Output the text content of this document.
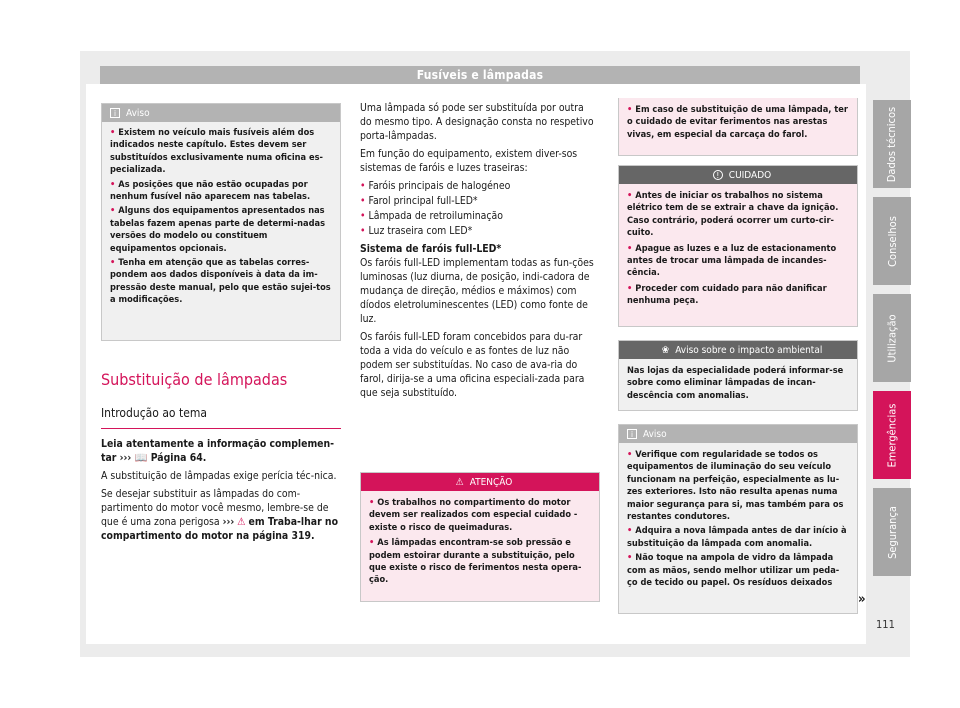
Fusíveis e lâmpadas
Dados técnicos
Conselhos
Utilização
Emergências
Segurança
i	Aviso

• Existem no veículo mais fusíveis além dos indicados neste capítulo. Estes devem ser substituídos exclusivamente numa oficina es-pecializada.

• As posições que não estão ocupadas por nenhum fusível não aparecem nas tabelas.

• Alguns dos equipamentos apresentados nas tabelas fazem apenas parte de determi-nadas versões do modelo ou constituem equipamentos opcionais.

• Tenha em atenção que as tabelas corres-pondem aos dados disponíveis à data da im-pressão deste manual, pelo que estão sujei-tos a modificações.

Substituição de lâmpadas
Introdução ao tema

Leia atentamente a informação complemen-tar ››› 📖 Página 64.

A substituição de lâmpadas exige perícia téc-nica.

Se desejar substituir as lâmpadas do com-partimento do motor você mesmo, lembre-se de que é uma zona perigosa ››› ⚠ em Traba-lhar no compartimento do motor na página 319.

Uma lâmpada só pode ser substituída por outra do mesmo tipo. A designação consta no respetivo porta-lâmpadas.

Em função do equipamento, existem diver-sos sistemas de faróis e luzes traseiras:

• Faróis principais de halogéneo

• Farol principal full-LED*

• Lâmpada de retroiluminação

• Luz traseira com LED*

Sistema de faróis full-LED*

Os faróis full-LED implementam todas as fun-ções luminosas (luz diurna, de posição, indi-cadora de mudança de direção, médios e máximos) com díodos eletroluminescentes (LED) como fonte de luz.

Os faróis full-LED foram concebidos para du-rar toda a vida do veículo e as fontes de luz não podem ser substituídas. No caso de ava-ria do farol, dirija-se a uma oficina especiali-zada para que seja substituído.

⚠ ATENÇÃO

• Os trabalhos no compartimento do motor devem ser realizados com especial cuidado - existe o risco de queimaduras.

• As lâmpadas encontram-se sob pressão e podem estoirar durante a substituição, pelo que existe o risco de ferimentos nesta opera-ção.

• Em caso de substituição de uma lâmpada, ter o cuidado de evitar ferimentos nas arestas vivas, em especial da carcaça do farol.

! CUIDADO

• Antes de iniciar os trabalhos no sistema elétrico tem de se extrair a chave da ignição. Caso contrário, poderá ocorrer um curto-cir-cuito.

• Apague as luzes e a luz de estacionamento antes de trocar uma lâmpada de incandes-cência.

• Proceder com cuidado para não danificar nenhuma peça.

❀ Aviso sobre o impacto ambiental

Nas lojas da especialidade poderá informar-se sobre como eliminar lâmpadas de incan-descência com anomalias.

i	Aviso

• Verifique com regularidade se todos os equipamentos de iluminação do seu veículo funcionam na perfeição, especialmente as lu-zes exteriores. Isto não resulta apenas numa maior segurança para si, mas também para os restantes condutores.

• Adquira a nova lâmpada antes de dar início à substituição da lâmpada com anomalia.

• Não toque na ampola de vidro da lâmpada com as mãos, sendo melhor utilizar um peda-ço de tecido ou papel. Os resíduos deixados

»
111
